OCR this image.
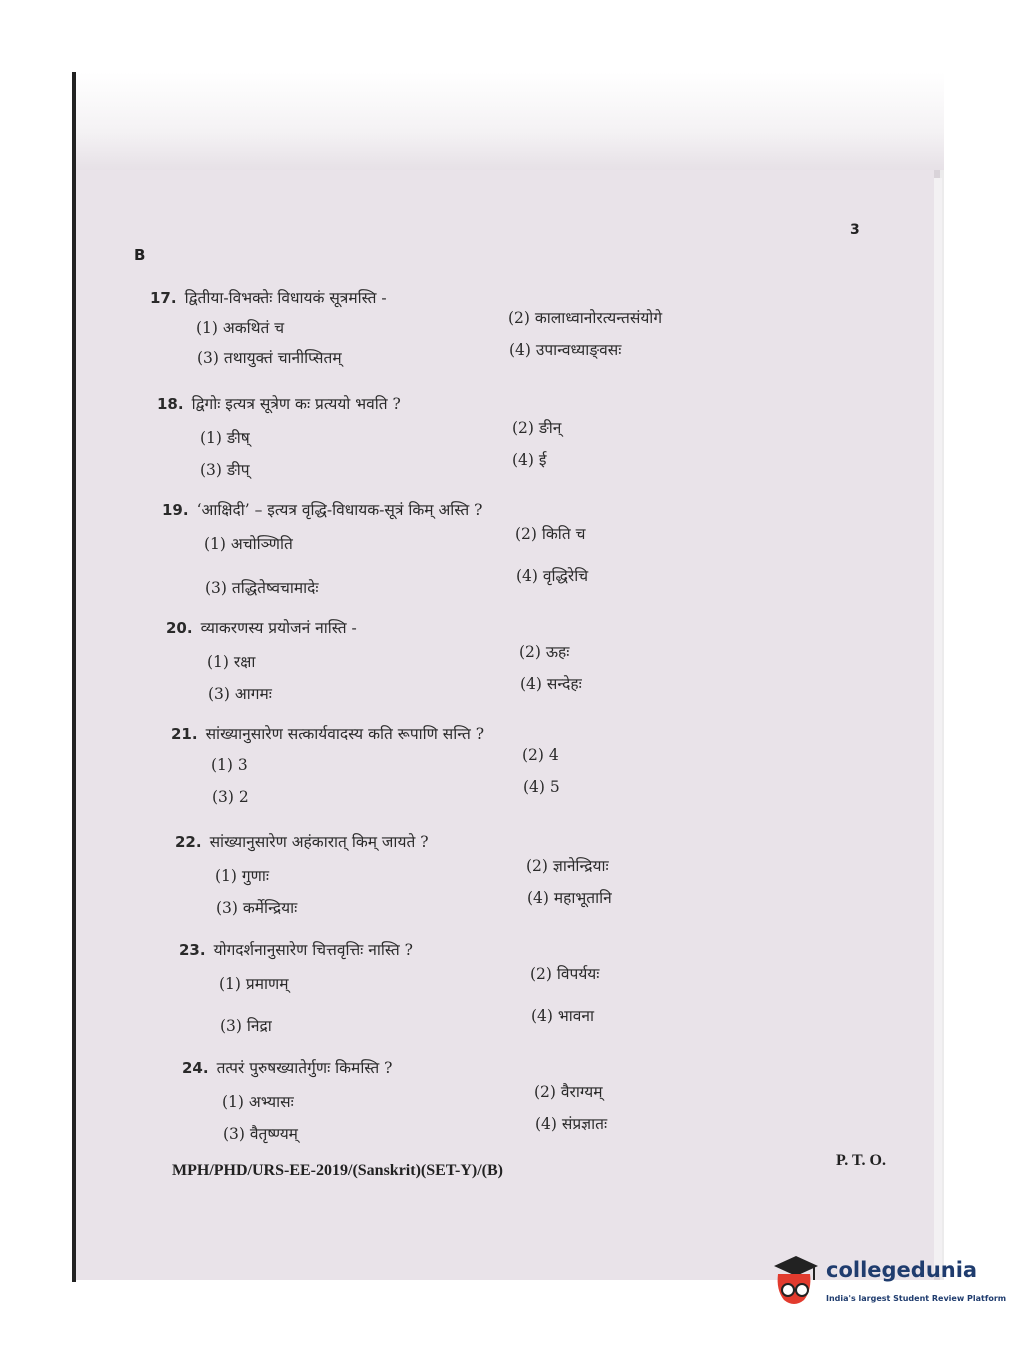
B
3
17. द्वितीया-विभक्तेः विधायकं सूत्रमस्ति -
(1) अकथितं च
(2) कालाध्वानोरत्यन्तसंयोगे
(3) तथायुक्तं चानीप्सितम्	(4) उपान्वध्याङ्वसः
18. द्विगोः इत्यत्र सूत्रेण कः प्रत्ययो भवति ?
(1) ङीष्
(2) ङीन्
(3) ङीप्
(4) ई
19. ‘आक्षिदी’ – इत्यत्र वृद्धि-विधायक-सूत्रं किम् अस्ति ?
(1) अचोञ्णिति
(2) किति च
(3) तद्धितेष्वचामादेः
(4) वृद्धिरेचि
20. व्याकरणस्य प्रयोजनं नास्ति -
(1) रक्षा
(2) ऊहः
(3) आगमः
(4) सन्देहः
21. सांख्यानुसारेण सत्कार्यवादस्य कति रूपाणि सन्ति ?
(1) 3
(2) 4
(3) 2
(4) 5
22. सांख्यानुसारेण अहंकारात् किम् जायते ?
(1) गुणाः
(2) ज्ञानेन्द्रियाः
(3) कर्मेन्द्रियाः
(4) महाभूतानि
23. योगदर्शनानुसारेण चित्तवृत्तिः नास्ति ?
(1) प्रमाणम्
(2) विपर्ययः
(3) निद्रा
(4) भावना
24. तत्परं पुरुषख्यातेर्गुणः किमस्ति ?
(1) अभ्यासः
(2) वैराग्यम्
(3) वैतृष्ण्यम्
(4) संप्रज्ञातः
MPH/PHD/URS-EE-2019/(Sanskrit)(SET-Y)/(B)
P. T. O.
collegedunia
India's largest Student Review Platform
